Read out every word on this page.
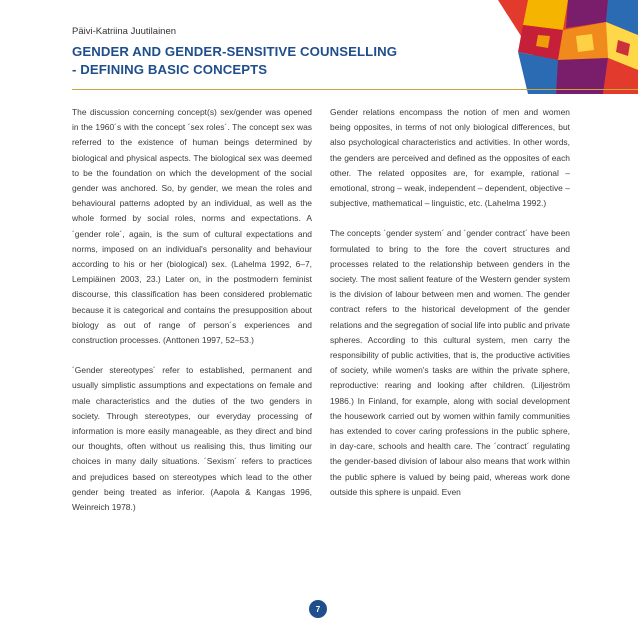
Päivi-Katriina Juutilainen
GENDER AND GENDER-SENSITIVE COUNSELLING
- DEFINING BASIC CONCEPTS

The discussion concerning concept(s) sex/gender was opened in the 1960´s with the concept ´sex roles´. The concept sex was referred to the existence of human beings determined by biological and physical aspects. The biological sex was deemed to be the foundation on which the development of the social gender was anchored. So, by gender, we mean the roles and behavioural patterns adopted by an individual, as well as the whole formed by social roles, norms and expectations. A ´gender role´, again, is the sum of cultural expectations and norms, imposed on an individual's personality and behaviour according to his or her (biological) sex. (Lahelma 1992, 6–7, Lempiäinen 2003, 23.) Later on, in the postmodern feminist discourse, this classification has been considered problematic because it is categorical and contains the presupposition about biology as out of range of person´s experiences and construction processes. (Anttonen 1997, 52–53.)

´Gender stereotypes´ refer to established, permanent and usually simplistic assumptions and expectations on female and male characteristics and the duties of the two genders in society. Through stereotypes, our everyday processing of information is more easily manageable, as they direct and bind our thoughts, often without us realising this, thus limiting our choices in many daily situations. ´Sexism´ refers to practices and prejudices based on stereotypes which lead to the other gender being treated as inferior. (Aapola & Kangas 1996, Weinreich 1978.)

Gender relations encompass the notion of men and women being opposites, in terms of not only biological differences, but also psychological characteristics and activities. In other words, the genders are perceived and defined as the opposites of each other. The related opposites are, for example, rational – emotional, strong – weak, independent – dependent, objective – subjective, mathematical – linguistic, etc. (Lahelma 1992.)

The concepts ´gender system´ and ´gender contract´ have been formulated to bring to the fore the covert structures and processes related to the relationship between genders in the society. The most salient feature of the Western gender system is the division of labour between men and women. The gender contract refers to the historical development of the gender relations and the segregation of social life into public and private spheres. According to this cultural system, men carry the responsibility of public activities, that is, the productive activities of society, while women's tasks are within the private sphere, reproductive: rearing and looking after children. (Liljeström 1986.) In Finland, for example, along with social development the housework carried out by women within family communities has extended to cover caring professions in the public sphere, in day-care, schools and health care. The ´contract´ regulating the gender-based division of labour also means that work within the public sphere is valued by being paid, whereas work done outside this sphere is unpaid. Even

7
